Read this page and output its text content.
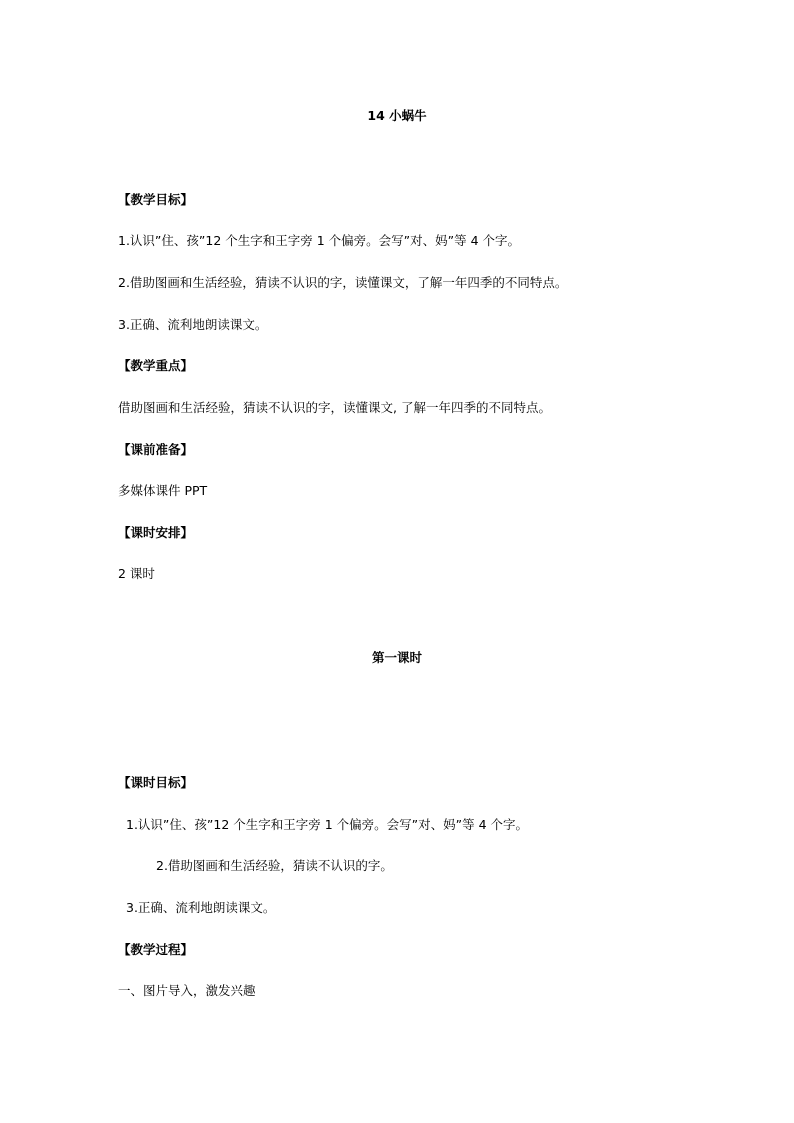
14 小蜗牛
【教学目标】
1.认识”住、孩”12 个生字和王字旁 1 个偏旁。会写”对、妈”等 4 个字。
2.借助图画和生活经验，猜读不认识的字，读懂课文，了解一年四季的不同特点。
3.正确、流利地朗读课文。
【教学重点】
借助图画和生活经验，猜读不认识的字，读懂课文, 了解一年四季的不同特点。
【课前准备】
多媒体课件 PPT
【课时安排】
2 课时
第一课时
【课时目标】
1.认识”住、孩”12 个生字和王字旁 1 个偏旁。会写”对、妈”等 4 个字。
2.借助图画和生活经验，猜读不认识的字。
3.正确、流利地朗读课文。
【教学过程】
一、图片导入，激发兴趣
